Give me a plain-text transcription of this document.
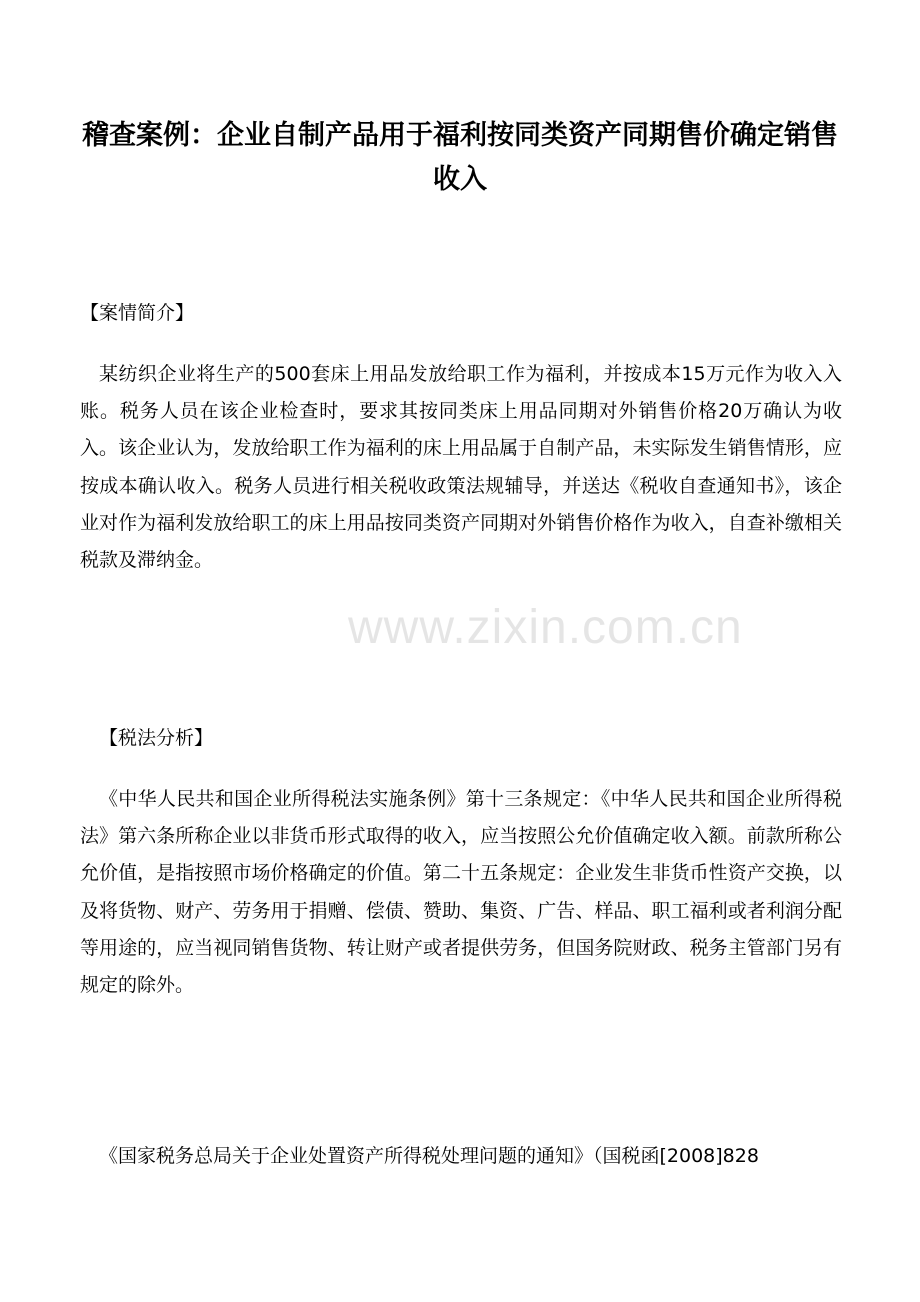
稽查案例：企业自制产品用于福利按同类资产同期售价确定销售收入
【案情简介】

某纺织企业将生产的500套床上用品发放给职工作为福利，并按成本15万元作为收入入账。税务人员在该企业检查时，要求其按同类床上用品同期对外销售价格20万确认为收入。该企业认为，发放给职工作为福利的床上用品属于自制产品，未实际发生销售情形，应按成本确认收入。税务人员进行相关税收政策法规辅导，并送达《税收自查通知书》，该企业对作为福利发放给职工的床上用品按同类资产同期对外销售价格作为收入，自查补缴相关税款及滞纳金。

【税法分析】

《中华人民共和国企业所得税法实施条例》第十三条规定：《中华人民共和国企业所得税法》第六条所称企业以非货币形式取得的收入，应当按照公允价值确定收入额。前款所称公允价值，是指按照市场价格确定的价值。第二十五条规定：企业发生非货币性资产交换，以及将货物、财产、劳务用于捐赠、偿债、赞助、集资、广告、样品、职工福利或者利润分配等用途的，应当视同销售货物、转让财产或者提供劳务，但国务院财政、税务主管部门另有规定的除外。

《国家税务总局关于企业处置资产所得税处理问题的通知》（国税函[2008]828

www.zixin.com.cn
